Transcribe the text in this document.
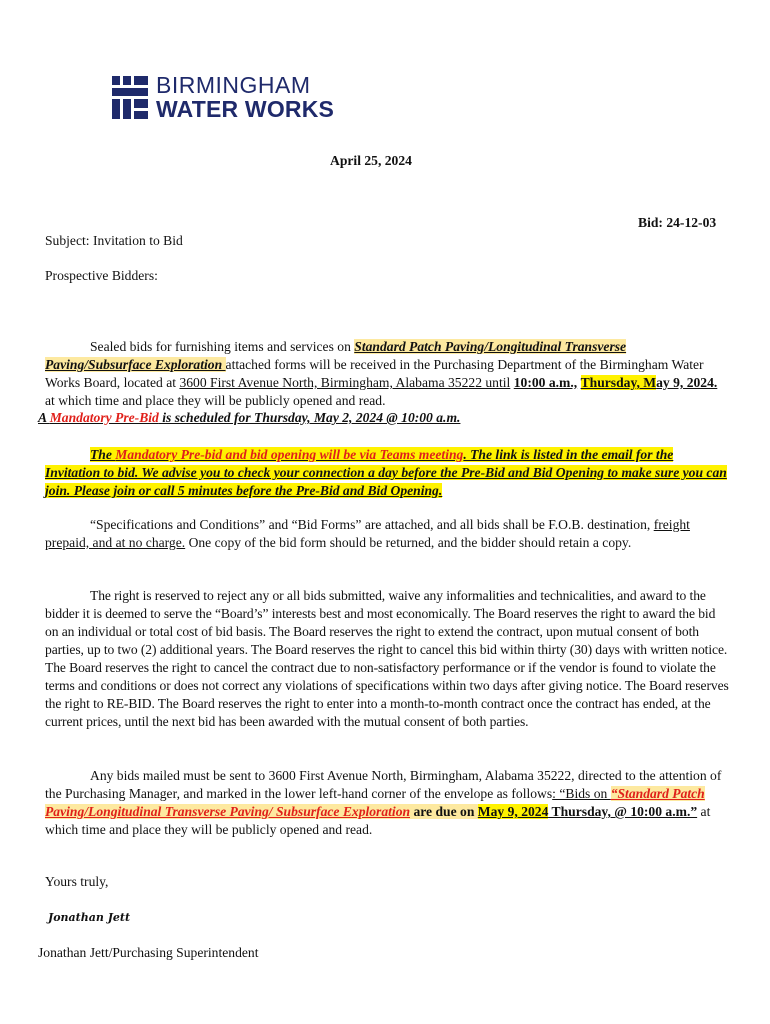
BIRMINGHAM
WATER WORKS
April 25, 2024
Bid: 24-12-03
Subject: Invitation to Bid
Prospective Bidders:
Sealed bids for furnishing items and services on Standard Patch Paving/Longitudinal Transverse Paving/Subsurface Exploration attached forms will be received in the Purchasing Department of the Birmingham Water Works Board, located at 3600 First Avenue North, Birmingham, Alabama 35222 until 10:00 a.m., Thursday, May 9, 2024. at which time and place they will be publicly opened and read.
A Mandatory Pre-Bid is scheduled for Thursday, May 2, 2024 @ 10:00 a.m.
The Mandatory Pre-bid and bid opening will be via Teams meeting. The link is listed in the email for the Invitation to bid. We advise you to check your connection a day before the Pre-Bid and Bid Opening to make sure you can join. Please join or call 5 minutes before the Pre-Bid and Bid Opening.
“Specifications and Conditions” and “Bid Forms” are attached, and all bids shall be F.O.B. destination, freight prepaid, and at no charge. One copy of the bid form should be returned, and the bidder should retain a copy.
The right is reserved to reject any or all bids submitted, waive any informalities and technicalities, and award to the bidder it is deemed to serve the “Board’s” interests best and most economically. The Board reserves the right to award the bid on an individual or total cost of bid basis. The Board reserves the right to extend the contract, upon mutual consent of both parties, up to two (2) additional years. The Board reserves the right to cancel this bid within thirty (30) days with written notice. The Board reserves the right to cancel the contract due to non-satisfactory performance or if the vendor is found to violate the terms and conditions or does not correct any violations of specifications within two days after giving notice. The Board reserves the right to RE-BID. The Board reserves the right to enter into a month-to-month contract once the contract has ended, at the current prices, until the next bid has been awarded with the mutual consent of both parties.
Any bids mailed must be sent to 3600 First Avenue North, Birmingham, Alabama 35222, directed to the attention of the Purchasing Manager, and marked in the lower left-hand corner of the envelope as follows: “Bids on “Standard Patch Paving/Longitudinal Transverse Paving/ Subsurface Exploration are due on May 9, 2024 Thursday, @ 10:00 a.m.” at which time and place they will be publicly opened and read.
Yours truly,
Jonathan Jett
Jonathan Jett/Purchasing Superintendent
